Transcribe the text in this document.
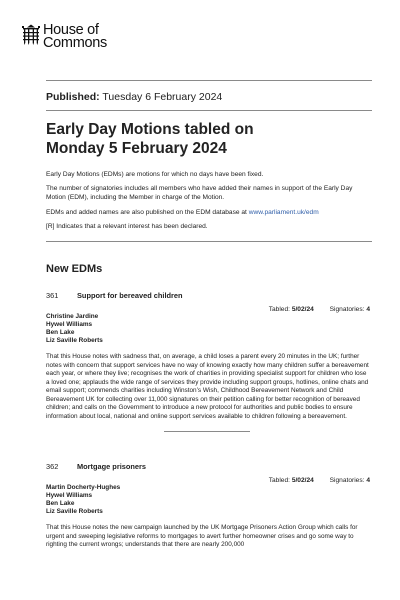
House of
Commons
Published: Tuesday 6 February 2024
Early Day Motions tabled on
Monday 5 February 2024

Early Day Motions (EDMs) are motions for which no days have been fixed.

The number of signatories includes all members who have added their names in support of the Early Day Motion (EDM), including the Member in charge of the Motion.

EDMs and added names are also published on the EDM database at www.parliament.uk/edm

[R] Indicates that a relevant interest has been declared.

New EDMs
361	Support for bereaved children
Tabled: 5/02/24 Signatories: 4
Christine Jardine
Hywel Williams
Ben Lake
Liz Saville Roberts
That this House notes with sadness that, on average, a child loses a parent every 20 minutes in the UK; further notes with concern that support services have no way of knowing exactly how many children suffer a bereavement each year, or where they live; recognises the work of charities in providing specialist support for children who lose a loved one; applauds the wide range of services they provide including support groups, hotlines, online chats and email support; commends charities including Winston’s Wish, Childhood Bereavement Network and Child Bereavement UK for collecting over 11,000 signatures on their petition calling for better recognition of bereaved children; and calls on the Government to introduce a new protocol for authorities and public bodies to ensure information about local, national and online support services available to children following a bereavement.
362	Mortgage prisoners
Tabled: 5/02/24 Signatories: 4
Martin Docherty-Hughes
Hywel Williams
Ben Lake
Liz Saville Roberts
That this House notes the new campaign launched by the UK Mortgage Prisoners Action Group which calls for urgent and sweeping legislative reforms to mortgages to avert further homeowner crises and go some way to righting the current wrongs; understands that there are nearly 200,000
